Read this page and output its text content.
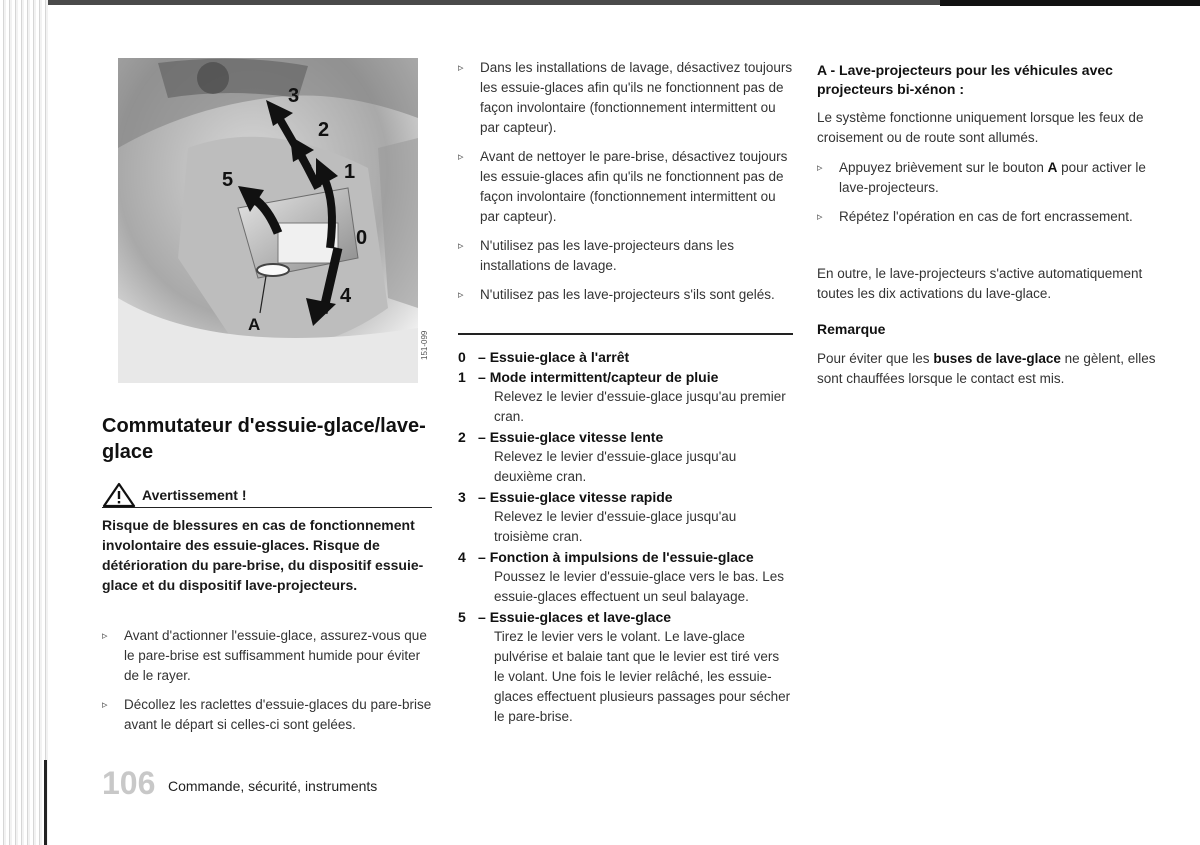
3
2
1
5
0
4
A
151-099
Commutateur d'essuie-glace/lave-glace
Avertissement !
Risque de blessures en cas de fonctionnement involontaire des essuie-glaces. Risque de détérioration du pare-brise, du dispositif essuie-glace et du dispositif lave-projecteurs.
▹ Avant d'actionner l'essuie-glace, assurez-vous que le pare-brise est suffisamment humide pour éviter de le rayer.
▹ Décollez les raclettes d'essuie-glaces du pare-brise avant le départ si celles-ci sont gelées.
106 Commande, sécurité, instruments
▹ Dans les installations de lavage, désactivez toujours les essuie-glaces afin qu'ils ne fonctionnent pas de façon involontaire (fonctionnement intermittent ou par capteur).
▹ Avant de nettoyer le pare-brise, désactivez toujours les essuie-glaces afin qu'ils ne fonctionnent pas de façon involontaire (fonctionnement intermittent ou par capteur).
▹ N'utilisez pas les lave-projecteurs dans les installations de lavage.
▹ N'utilisez pas les lave-projecteurs s'ils sont gelés.
0 – Essuie-glace à l'arrêt
1 – Mode intermittent/capteur de pluie
Relevez le levier d'essuie-glace jusqu'au premier cran.
2 – Essuie-glace vitesse lente
Relevez le levier d'essuie-glace jusqu'au deuxième cran.
3 – Essuie-glace vitesse rapide
Relevez le levier d'essuie-glace jusqu'au troisième cran.
4 – Fonction à impulsions de l'essuie-glace
Poussez le levier d'essuie-glace vers le bas. Les essuie-glaces effectuent un seul balayage.
5 – Essuie-glaces et lave-glace
Tirez le levier vers le volant. Le lave-glace pulvérise et balaie tant que le levier est tiré vers le volant. Une fois le levier relâché, les essuie-glaces effectuent plusieurs passages pour sécher le pare-brise.
A - Lave-projecteurs pour les véhicules avec projecteurs bi-xénon :
Le système fonctionne uniquement lorsque les feux de croisement ou de route sont allumés.
▹ Appuyez brièvement sur le bouton A pour activer le lave-projecteurs.
▹ Répétez l'opération en cas de fort encrassement.
En outre, le lave-projecteurs s'active automatiquement toutes les dix activations du lave-glace.
Remarque
Pour éviter que les buses de lave-glace ne gèlent, elles sont chauffées lorsque le contact est mis.
